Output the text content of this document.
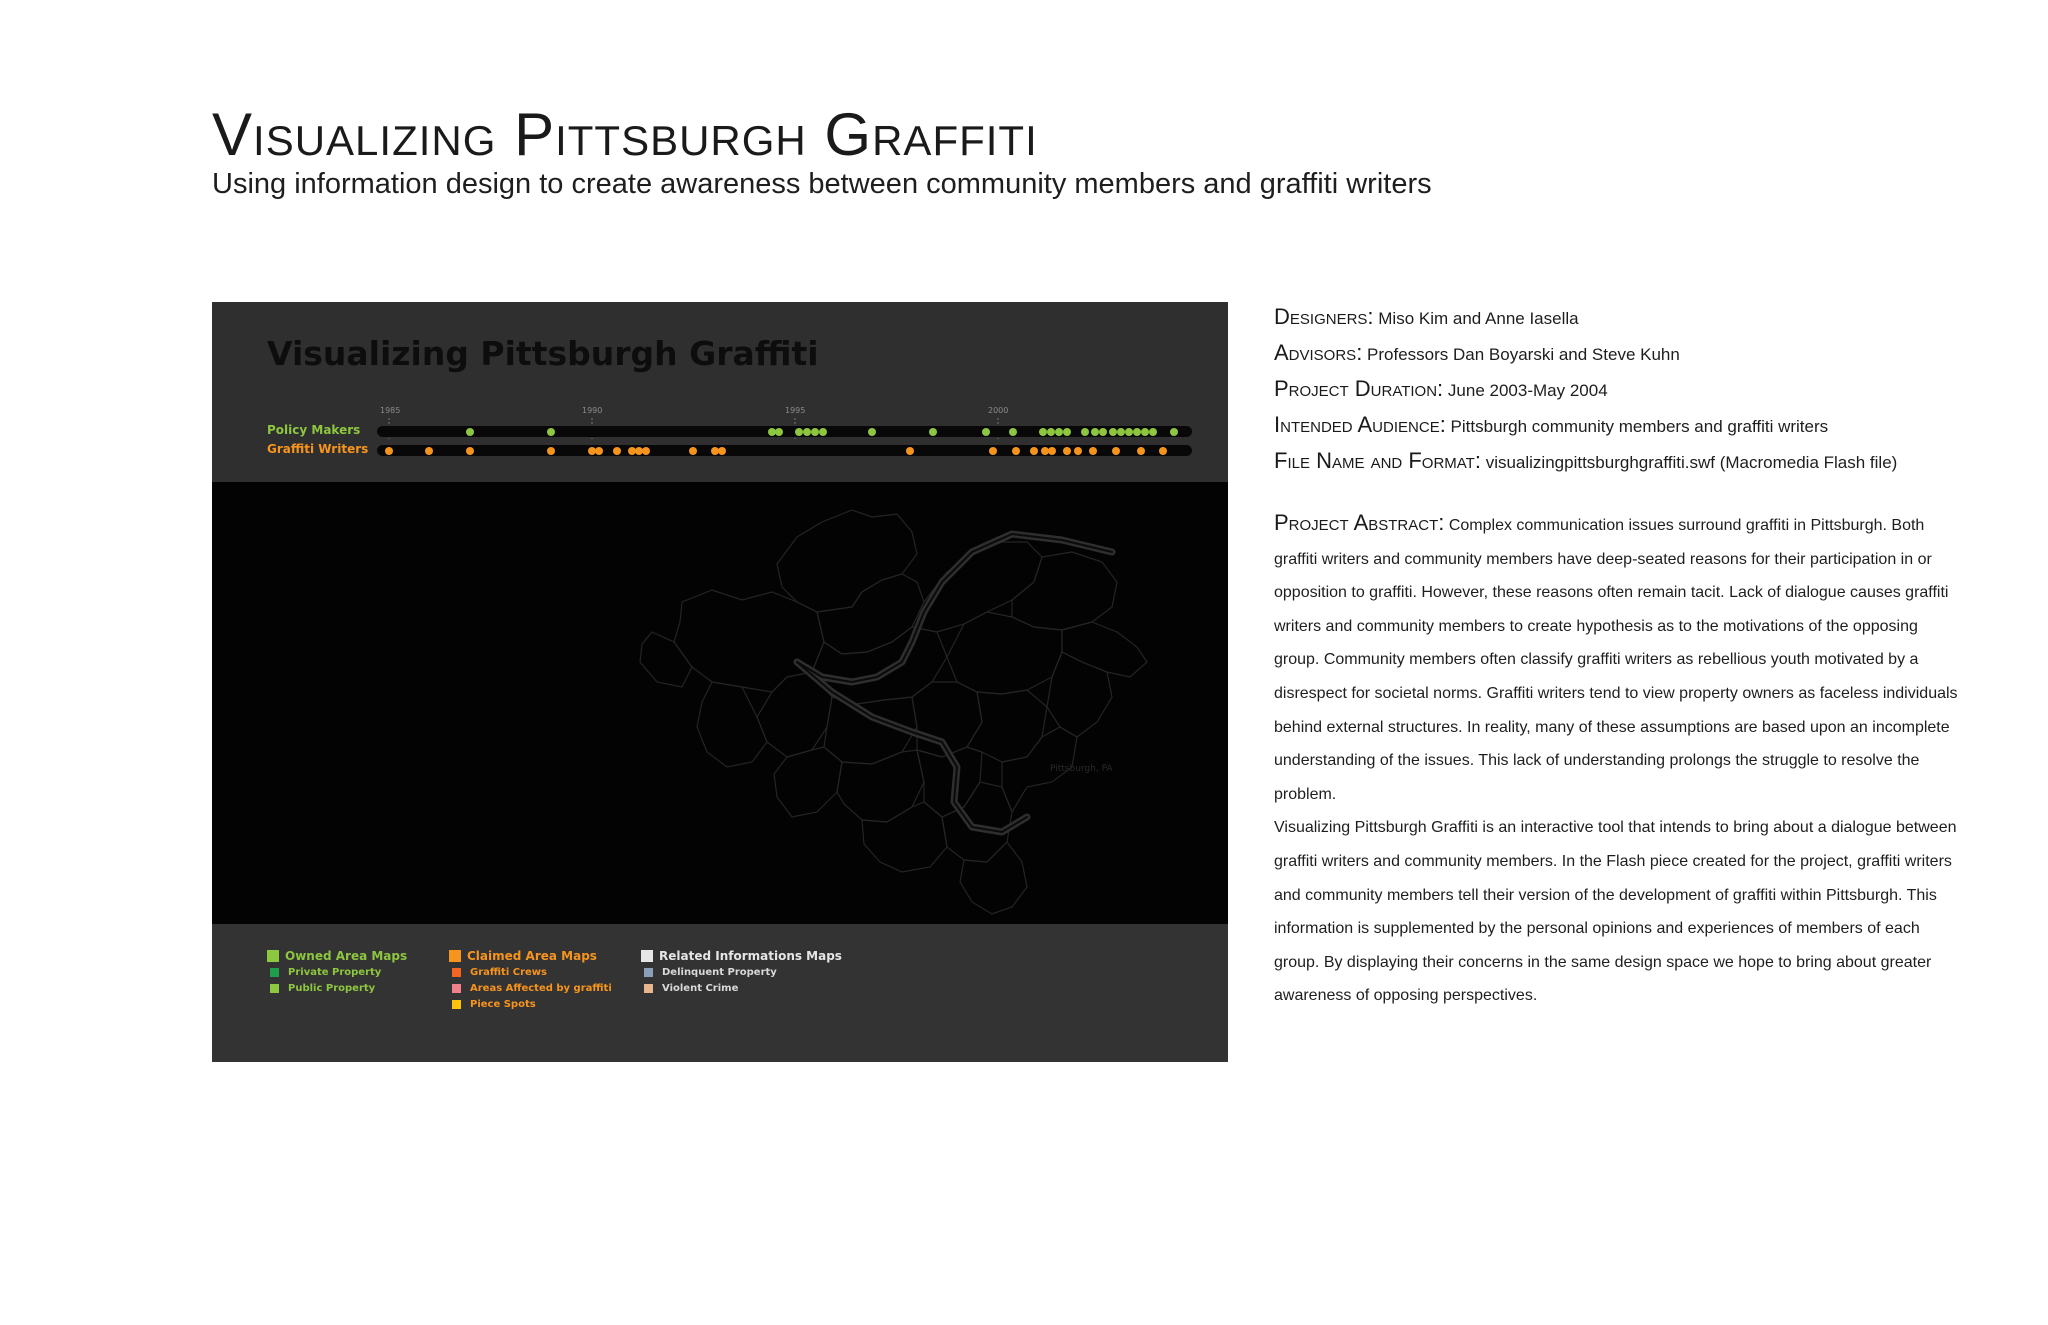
Visualizing Pittsburgh Graffiti
Using information design to create awareness between community members and graffiti writers
Visualizing Pittsburgh Graffiti
1985	1990	1995	2000
Policy Makers
Graffiti Writers
Pittsburgh, PA
Owned Area Maps
Private Property
Public Property
Claimed Area Maps
Graffiti Crews
Areas Affected by graffiti
Piece Spots
Related Informations Maps
Delinquent Property
Violent Crime
Designers: Miso Kim and Anne Iasella
Advisors: Professors Dan Boyarski and Steve Kuhn
Project Duration: June 2003-May 2004
Intended Audience: Pittsburgh community members and graffiti writers
File Name and Format: visualizingpittsburghgraffiti.swf (Macromedia Flash file)

Project Abstract: Complex communication issues surround graffiti in Pittsburgh. Both graffiti writers and community members have deep-seated reasons for their participation in or opposition to graffiti. However, these reasons often remain tacit. Lack of dialogue causes graffiti writers and community members to create hypothesis as to the motivations of the opposing group. Community members often classify graffiti writers as rebellious youth motivated by a disrespect for societal norms. Graffiti writers tend to view property owners as faceless individuals behind external structures. In reality, many of these assumptions are based upon an incomplete understanding of the issues. This lack of understanding prolongs the struggle to resolve the problem.

Visualizing Pittsburgh Graffiti is an interactive tool that intends to bring about a dialogue between graffiti writers and community members. In the Flash piece created for the project, graffiti writers and community members tell their version of the development of graffiti within Pittsburgh. This information is supplemented by the personal opinions and experiences of members of each group. By displaying their concerns in the same design space we hope to bring about greater awareness of opposing perspectives.
